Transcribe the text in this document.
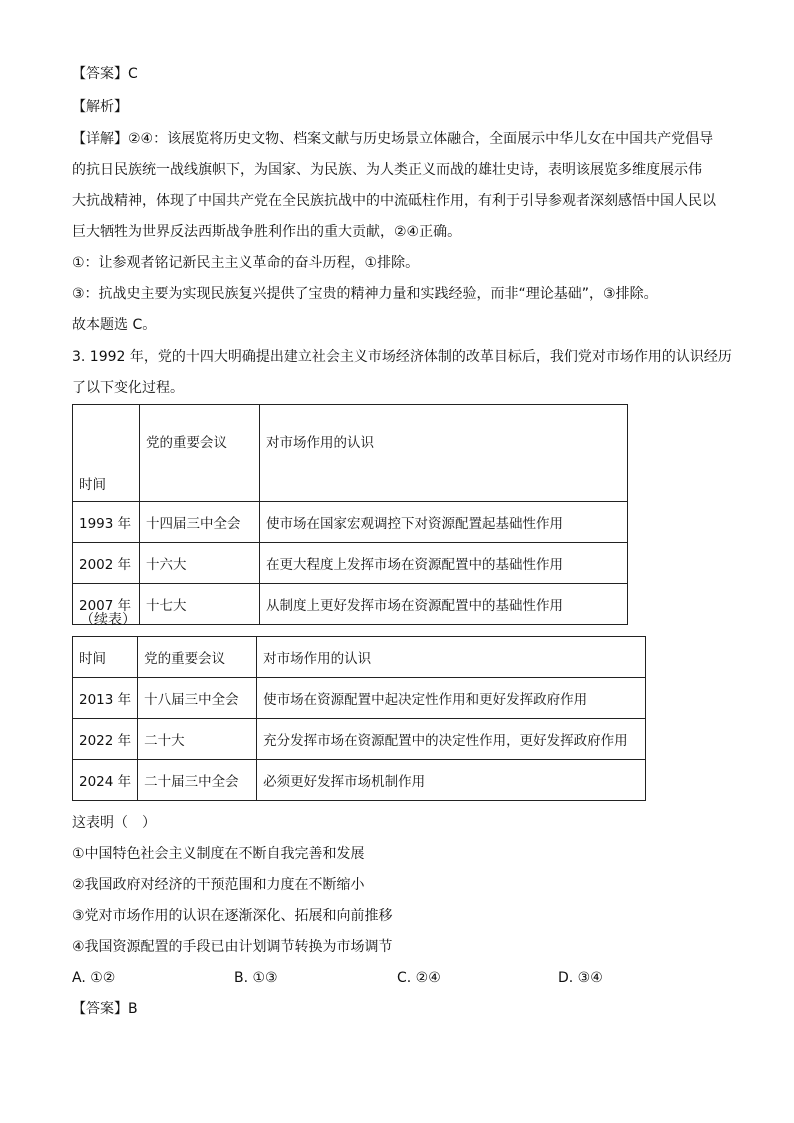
【答案】C
【解析】
【详解】②④：该展览将历史文物、档案文献与历史场景立体融合，全面展示中华儿女在中国共产党倡导
的抗日民族统一战线旗帜下，为国家、为民族、为人类正义而战的雄壮史诗，表明该展览多维度展示伟
大抗战精神，体现了中国共产党在全民族抗战中的中流砥柱作用，有利于引导参观者深刻感悟中国人民以
巨大牺牲为世界反法西斯战争胜利作出的重大贡献，②④正确。
①：让参观者铭记新民主主义革命的奋斗历程，①排除。
③：抗战史主要为实现民族复兴提供了宝贵的精神力量和实践经验，而非“理论基础”，③排除。
故本题选 C。
3. 1992 年，党的十四大明确提出建立社会主义市场经济体制的改革目标后，我们党对市场作用的认识经历
了以下变化过程。
时间	党的重要会议	对市场作用的认识
1993 年	十四届三中全会	使市场在国家宏观调控下对资源配置起基础性作用
2002 年	十六大	在更大程度上发挥市场在资源配置中的基础性作用
2007 年	十七大	从制度上更好发挥市场在资源配置中的基础性作用
（续表）
时间	党的重要会议	对市场作用的认识
2013 年	十八届三中全会	使市场在资源配置中起决定性作用和更好发挥政府作用
2022 年	二十大	充分发挥市场在资源配置中的决定性作用，更好发挥政府作用
2024 年	二十届三中全会	必须更好发挥市场机制作用
这表明（　）
①中国特色社会主义制度在不断自我完善和发展
②我国政府对经济的干预范围和力度在不断缩小
③党对市场作用的认识在逐渐深化、拓展和向前推移
④我国资源配置的手段已由计划调节转换为市场调节
A. ①②	B. ①③	C. ②④	D. ③④
【答案】B
